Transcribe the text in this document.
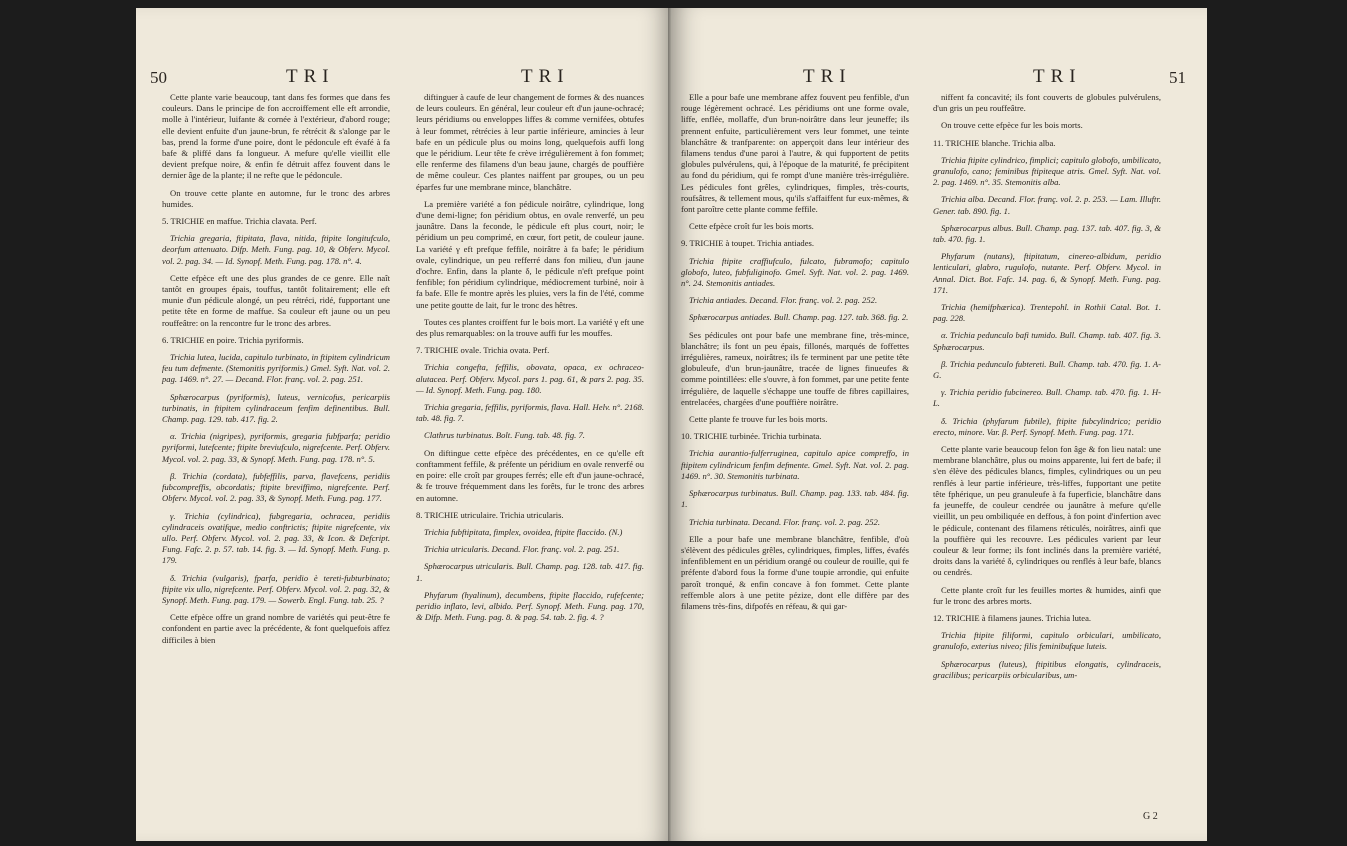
50	TRI	TRI

Cette plante varie beaucoup, tant dans fes formes que dans fes couleurs. Dans le principe de fon accroiffement elle eft arrondie, molle à l'intérieur, luifante & cornée à l'extérieur, d'abord rouge; elle devient enfuite d'un jaune-brun, fe rétrécit & s'alonge par le bas, prend la forme d'une poire, dont le pédoncule eft évafé à fa bafe & pliffé dans fa longueur. A mefure qu'elle vieillit elle devient prefque noire, & enfin fe détruit affez fouvent dans le dernier âge de la plante; il ne refte que le pédoncule.

On trouve cette plante en automne, fur le tronc des arbres humides.

5. TRICHIE en maffue. Trichia clavata. Perf.

Trichia gregaria, ftipitata, flava, nitida, ftipite longitufculo, deorfum attenuato. Difp. Meth. Fung. pag. 10, & Obferv. Mycol. vol. 2. pag. 34. — Id. Synopf. Meth. Fung. pag. 178. n°. 4.

Cette efpèce eft une des plus grandes de ce genre. Elle naît tantôt en groupes épais, touffus, tantôt folitairement; elle eft munie d'un pédicule alongé, un peu rétréci, ridé, fupportant une petite tête en forme de maffue. Sa couleur eft jaune ou un peu rouffeâtre: on la rencontre fur le tronc des arbres.

6. TRICHIE en poire. Trichia pyriformis.

Trichia lutea, lucida, capitulo turbinato, in ftipitem cylindricum feu tum defmente. (Stemonitis pyriformis.) Gmel. Syft. Nat. vol. 2. pag. 1469. n°. 27. — Decand. Flor. franç. vol. 2. pag. 251.

Sphærocarpus (pyriformis), luteus, vernicofus, pericarpiis turbinatis, in ftipitem cylindraceum fenfim definentibus. Bull. Champ. pag. 129. tab. 417. fig. 2.

α. Trichia (nigripes), pyriformis, gregaria fubfparfa; peridio pyriformi, lutefcente; ftipite breviufculo, nigrefcente. Perf. Obferv. Mycol. vol. 2. pag. 33, & Synopf. Meth. Fung. pag. 178. n°. 5.

β. Trichia (cordata), fubfeffilis, parva, flavefcens, peridiis fubcompreffis, obcordatis; ftipite breviffimo, nigrefcente. Perf. Obferv. Mycol. vol. 2. pag. 33, & Synopf. Meth. Fung. pag. 177.

γ. Trichia (cylindrica), fubgregaria, ochracea, peridiis cylindraceis ovatifque, medio conftrictis; ftipite nigrefcente, vix ullo. Perf. Obferv. Mycol. vol. 2. pag. 33, & Icon. & Defcript. Fung. Fafc. 2. p. 57. tab. 14. fig. 3. — Id. Synopf. Meth. Fung. p. 179.

δ. Trichia (vulgaris), fparfa, peridio è tereti-fubturbinato; ftipite vix ullo, nigrefcente. Perf. Obferv. Mycol. vol. 2. pag. 32, & Synopf. Meth. Fung. pag. 179. — Sowerb. Engl. Fung. tab. 25. ?

Cette efpèce offre un grand nombre de variétés qui peut-être fe confondent en partie avec la précédente, & font quelquefois affez difficiles à bien

diftinguer à caufe de leur changement de formes & des nuances de leurs couleurs. En général, leur couleur eft d'un jaune-ochracé; leurs péridiums ou enveloppes liffes & comme vernifées, obtufes à leur fommet, rétrécies à leur partie inférieure, amincies à leur bafe en un pédicule plus ou moins long, quelquefois auffi long que le péridium. Leur tête fe crève irrégulièrement à fon fommet; elle renferme des filamens d'un beau jaune, chargés de pouffière de même couleur. Ces plantes naiffent par groupes, ou un peu éparfes fur une membrane mince, blanchâtre.

La première variété a fon pédicule noirâtre, cylindrique, long d'une demi-ligne; fon péridium obtus, en ovale renverfé, un peu jaunâtre. Dans la feconde, le pédicule eft plus court, noir; le péridium un peu comprimé, en cœur, fort petit, de couleur jaune. La variété γ eft prefque feffile, noirâtre à fa bafe; le péridium ovale, cylindrique, un peu refferré dans fon milieu, d'un jaune d'ochre. Enfin, dans la plante δ, le pédicule n'eft prefque point fenfible; fon péridium cylindrique, médiocrement turbiné, noir à fa bafe. Elle fe montre après les pluies, vers la fin de l'été, comme une petite goutte de lait, fur le tronc des hêtres.

Toutes ces plantes croiffent fur le bois mort. La variété γ eft une des plus remarquables: on la trouve auffi fur les mouffes.

7. TRICHIE ovale. Trichia ovata. Perf.

Trichia congefta, feffilis, obovata, opaca, ex ochraceo-alutacea. Perf. Obferv. Mycol. pars 1. pag. 61, & pars 2. pag. 35. — Id. Synopf. Meth. Fung. pag. 180.

Trichia gregaria, feffilis, pyriformis, flava. Hall. Helv. n°. 2168. tab. 48. fig. 7.

Clathrus turbinatus. Bolt. Fung. tab. 48. fig. 7.

On diftingue cette efpèce des précédentes, en ce qu'elle eft conftamment feffile, & préfente un péridium en ovale renverfé ou en poire: elle croît par groupes ferrés; elle eft d'un jaune-ochracé, & fe trouve fréquemment dans les forêts, fur le tronc des arbres en automne.

8. TRICHIE utriculaire. Trichia utricularis.

Trichia fubftipitata, fimplex, ovoidea, ftipite flaccido. (N.)

Trichia utricularis. Decand. Flor. franç. vol. 2. pag. 251.

Sphærocarpus utricularis. Bull. Champ. pag. 128. tab. 417. fig. 1.

Phyfarum (hyalinum), decumbens, ftipite flaccido, rufefcente; peridio inflato, levi, albido. Perf. Synopf. Meth. Fung. pag. 170, & Difp. Meth. Fung. pag. 8. & pag. 54. tab. 2. fig. 4. ?

TRI	TRI	51

Elle a pour bafe une membrane affez fouvent peu fenfible, d'un rouge légèrement ochracé. Les péridiums ont une forme ovale, liffe, enflée, mollaffe, d'un brun-noirâtre dans leur jeuneffe; ils prennent enfuite, particulièrement vers leur fommet, une teinte blanchâtre & tranfparente: on apperçoit dans leur intérieur des filamens tendus d'une paroi à l'autre, & qui fupportent de petits globules pulvérulens, qui, à l'époque de la maturité, fe précipitent au fond du péridium, qui fe rompt d'une manière très-irrégulière. Les pédicules font grêles, cylindriques, fimples, très-courts, roufsâtres, & tellement mous, qu'ils s'affaiffent fur eux-mêmes, & font paroître cette plante comme feffile.

Cette efpèce croît fur les bois morts.

9. TRICHIE à toupet. Trichia antiades.

Trichia ftipite craffiufculo, fulcato, fubramofo; capitulo globofo, luteo, fubfuliginofo. Gmel. Syft. Nat. vol. 2. pag. 1469. n°. 24. Stemonitis antiades.

Trichia antiades. Decand. Flor. franç. vol. 2. pag. 252.

Sphærocarpus antiades. Bull. Champ. pag. 127. tab. 368. fig. 2.

Ses pédicules ont pour bafe une membrane fine, très-mince, blanchâtre; ils font un peu épais, fillonés, marqués de foffettes irrégulières, rameux, noirâtres; ils fe terminent par une petite tête globuleufe, d'un brun-jaunâtre, tracée de lignes finueufes & comme pointillées: elle s'ouvre, à fon fommet, par une petite fente irrégulière, de laquelle s'échappe une touffe de fibres capillaires, entrelacées, chargées d'une pouffière noirâtre.

Cette plante fe trouve fur les bois morts.

10. TRICHIE turbinée. Trichia turbinata.

Trichia aurantio-fulferruginea, capitulo apice compreffo, in ftipitem cylindricum fenfim defmente. Gmel. Syft. Nat. vol. 2. pag. 1469. n°. 30. Stemonitis turbinata.

Sphærocarpus turbinatus. Bull. Champ. pag. 133. tab. 484. fig. 1.

Trichia turbinata. Decand. Flor. franç. vol. 2. pag. 252.

Elle a pour bafe une membrane blanchâtre, fenfible, d'où s'élèvent des pédicules grêles, cylindriques, fimples, liffes, évafés infenfiblement en un péridium orangé ou couleur de rouille, qui fe préfente d'abord fous la forme d'une toupie arrondie, qui enfuite paroît tronqué, & enfin concave à fon fommet. Cette plante reffemble alors à une petite pézize, dont elle diffère par des filamens très-fins, difpofés en réfeau, & qui gar-

niffent fa concavité; ils font couverts de globules pulvérulens, d'un gris un peu rouffeâtre.

On trouve cette efpèce fur les bois morts.

11. TRICHIE blanche. Trichia alba.

Trichia ftipite cylindrico, fimplici; capitulo globofo, umbilicato, granulofo, cano; feminibus ftipiteque atris. Gmel. Syft. Nat. vol. 2. pag. 1469. n°. 35. Stemonitis alba.

Trichia alba. Decand. Flor. franç. vol. 2. p. 253. — Lam. Illuftr. Gener. tab. 890. fig. 1.

Sphærocarpus albus. Bull. Champ. pag. 137. tab. 407. fig. 3, & tab. 470. fig. 1.

Phyfarum (nutans), ftipitatum, cinereo-albidum, peridio lenticulari, glabro, rugulofo, nutante. Perf. Obferv. Mycol. in Annal. Dict. Bot. Fafc. 14. pag. 6, & Synopf. Meth. Fung. pag. 171.

Trichia (hemifphærica). Trentepohl. in Rothii Catal. Bot. 1. pag. 228.

α. Trichia pedunculo bafi tumido. Bull. Champ. tab. 407. fig. 3. Sphærocarpus.

β. Trichia pedunculo fubtereti. Bull. Champ. tab. 470. fig. 1. A-G.

γ. Trichia peridio fubcinereo. Bull. Champ. tab. 470. fig. 1. H-L.

δ. Trichia (phyfarum fubtile), ftipite fubcylindrico; peridio erecto, minore. Var. β. Perf. Synopf. Meth. Fung. pag. 171.

Cette plante varie beaucoup felon fon âge & fon lieu natal: une membrane blanchâtre, plus ou moins apparente, lui fert de bafe; il s'en élève des pédicules blancs, fimples, cylindriques ou un peu renflés à leur partie inférieure, très-liffes, fupportant une petite tête fphérique, un peu granuleufe à fa fuperficie, blanchâtre dans fa jeuneffe, de couleur cendrée ou jaunâtre à mefure qu'elle vieillit, un peu ombiliquée en deffous, à fon point d'infertion avec le pédicule, contenant des filamens réticulés, noirâtres, ainfi que la pouffière qui les recouvre. Les pédicules varient par leur couleur & leur forme; ils font inclinés dans la première variété, droits dans la variété δ, cylindriques ou renflés à leur bafe, blancs ou cendrés.

Cette plante croît fur les feuilles mortes & humides, ainfi que fur le tronc des arbres morts.

12. TRICHIE à filamens jaunes. Trichia lutea.

Trichia ftipite filiformi, capitulo orbiculari, umbilicato, granulofo, exterius niveo; filis feminibufque luteis.

Sphærocarpus (luteus), ftipitibus elongatis, cylindraceis, gracilibus; pericarpiis orbicularibus, um-

G 2
